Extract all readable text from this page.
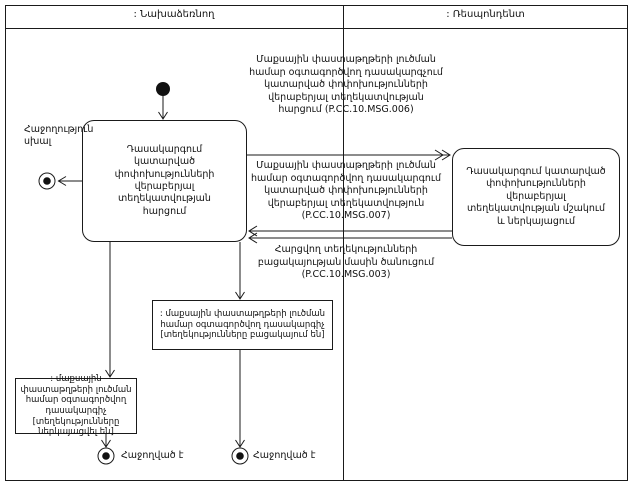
: Նախաձեռնող	: Ռեսպոնդենտ
Դասակարգում կատարված փոփոխությունների վերաբերյալ տեղեկատվության հարցում
Դասակարգում կատարված փոփոխությունների վերաբերյալ տեղեկատվության մշակում և ներկայացում
: մաքսային փաստաթղթերի լուծման համար օգտագործվող դասակարգիչ [տեղեկությունները բացակայում են]
: մաքսային փաստաթղթերի լուծման համար օգտագործվող դասակարգիչ [տեղեկությունները ներկայացվել են]
Մաքսային փաստաթղթերի լուծման համար օգտագործվող դասակարգչում կատարված փոփոխությունների վերաբերյալ տեղեկատվության հարցում (P.CC.10.MSG.006)
Մաքսային փաստաթղթերի լուծման համար օգտագործվող դասակարգում կատարված փոփոխությունների վերաբերյալ տեղեկատվություն (P.CC.10.MSG.007)
Հարցվող տեղեկությունների բացակայության մասին ծանուցում (P.CC.10.MSG.003)
Հաջողություն սխալ
Հաջողված է	Հաջողված է
